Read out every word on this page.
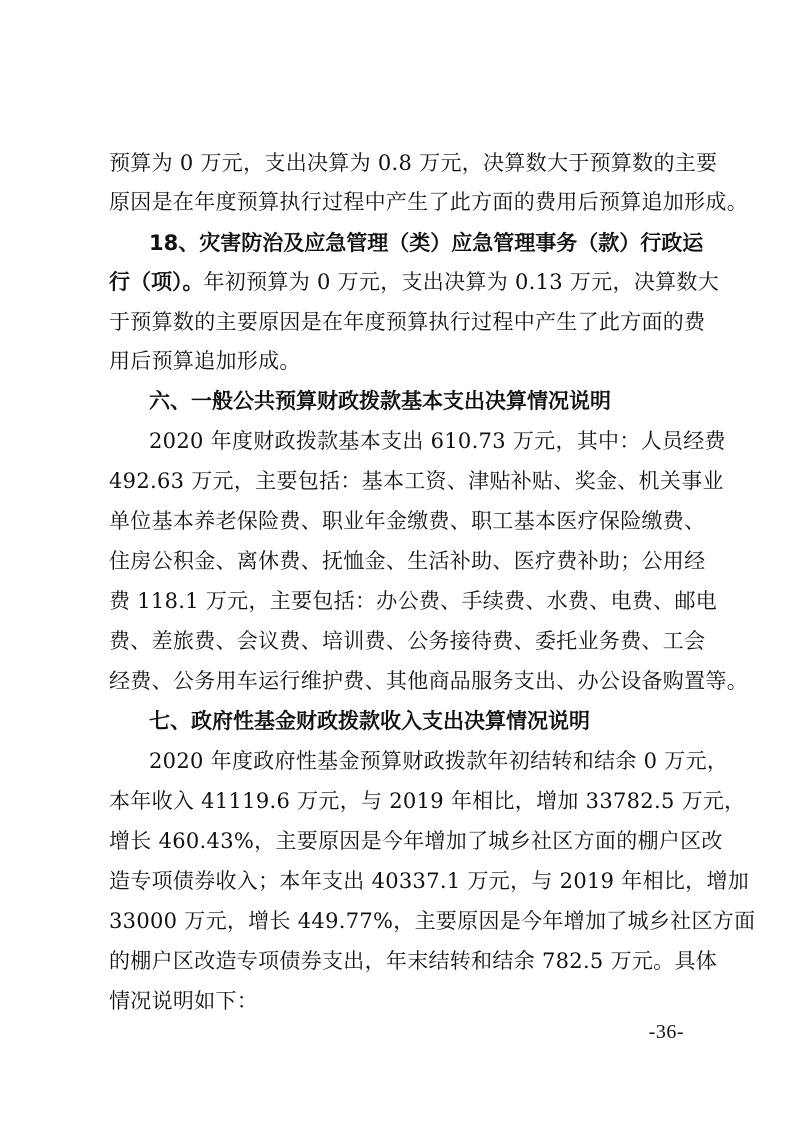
预算为 0 万元，支出决算为 0.8 万元，决算数大于预算数的主要
原因是在年度预算执行过程中产生了此方面的费用后预算追加形成。
18、灾害防治及应急管理（类）应急管理事务（款）行政运
行（项）。年初预算为 0 万元，支出决算为 0.13 万元，决算数大
于预算数的主要原因是在年度预算执行过程中产生了此方面的费
用后预算追加形成。
六、一般公共预算财政拨款基本支出决算情况说明
2020 年度财政拨款基本支出 610.73 万元，其中：人员经费
492.63 万元，主要包括：基本工资、津贴补贴、奖金、机关事业
单位基本养老保险费、职业年金缴费、职工基本医疗保险缴费、
住房公积金、离休费、抚恤金、生活补助、医疗费补助；公用经
费 118.1 万元，主要包括：办公费、手续费、水费、电费、邮电
费、差旅费、会议费、培训费、公务接待费、委托业务费、工会
经费、公务用车运行维护费、其他商品服务支出、办公设备购置等。
七、政府性基金财政拨款收入支出决算情况说明
2020 年度政府性基金预算财政拨款年初结转和结余 0 万元，
本年收入 41119.6 万元，与 2019 年相比，增加 33782.5 万元，
增长 460.43%，主要原因是今年增加了城乡社区方面的棚户区改
造专项债券收入；本年支出 40337.1 万元，与 2019 年相比，增加
33000 万元，增长 449.77%，主要原因是今年增加了城乡社区方面
的棚户区改造专项债券支出，年末结转和结余 782.5 万元。具体
情况说明如下：
-36-
